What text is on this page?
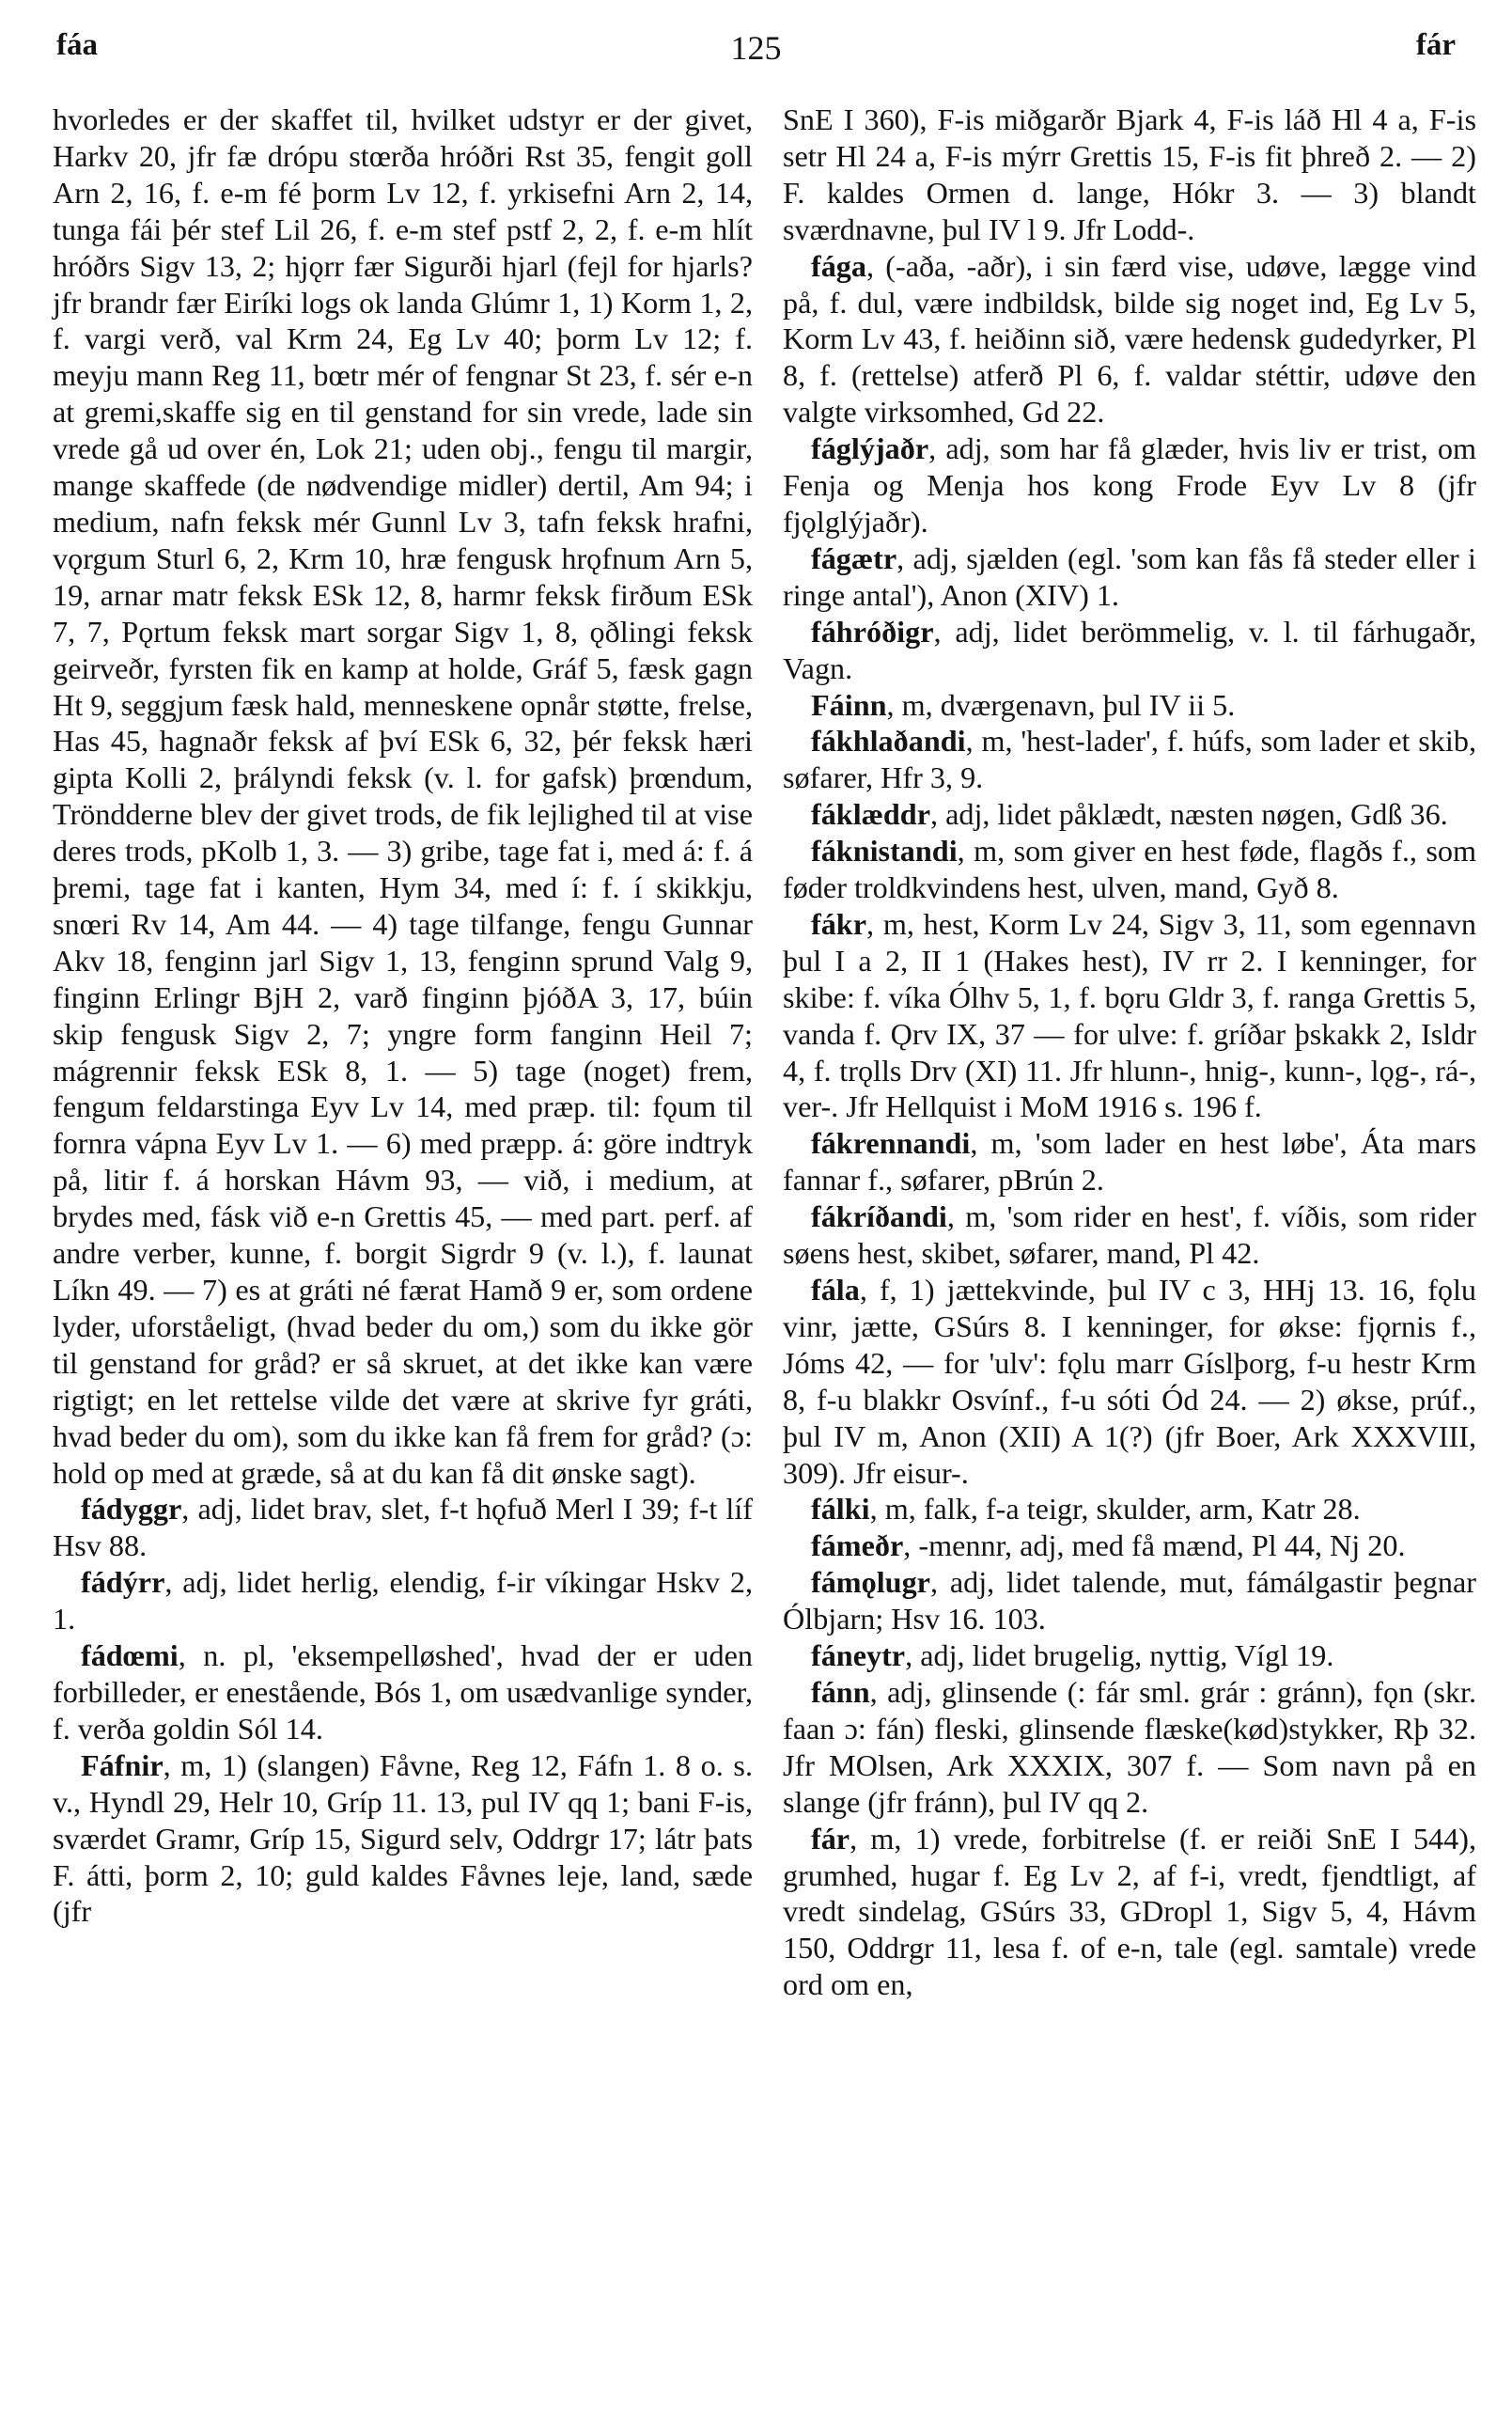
fáa	125	fár

hvorledes er der skaffet til, hvilket udstyr er der givet, Harkv 20, jfr fæ drópu stœrða hróðri Rst 35, fengit goll Arn 2, 16, f. e-m fé þorm Lv 12, f. yrkisefni Arn 2, 14, tunga fái þér stef Lil 26, f. e-m stef pstf 2, 2, f. e-m hlít hróðrs Sigv 13, 2; hjǫrr fær Sigurði hjarl (fejl for hjarls? jfr brandr fær Eiríki logs ok landa Glúmr 1, 1) Korm 1, 2, f. vargi verð, val Krm 24, Eg Lv 40; þorm Lv 12; f. meyju mann Reg 11, bœtr mér of fengnar St 23, f. sér e-n at gremi,skaffe sig en til genstand for sin vrede, lade sin vrede gå ud over én, Lok 21; uden obj., fengu til margir, mange skaffede (de nødvendige midler) dertil, Am 94; i medium, nafn feksk mér Gunnl Lv 3, tafn feksk hrafni, vǫrgum Sturl 6, 2, Krm 10, hræ fengusk hrǫfnum Arn 5, 19, arnar matr feksk ESk 12, 8, harmr feksk firðum ESk 7, 7, Pǫrtum feksk mart sorgar Sigv 1, 8, ǫðlingi feksk geirveðr, fyrsten fik en kamp at holde, Gráf 5, fæsk gagn Ht 9, seggjum fæsk hald, menneskene opnår støtte, frelse, Has 45, hagnaðr feksk af því ESk 6, 32, þér feksk hæri gipta Kolli 2, þrályndi feksk (v. l. for gafsk) þrœndum, Tröndderne blev der givet trods, de fik lejlighed til at vise deres trods, pKolb 1, 3. — 3) gribe, tage fat i, med á: f. á þremi, tage fat i kanten, Hym 34, med í: f. í skikkju, snœri Rv 14, Am 44. — 4) tage tilfange, fengu Gunnar Akv 18, fenginn jarl Sigv 1, 13, fenginn sprund Valg 9, finginn Erlingr BjH 2, varð finginn þjóðA 3, 17, búin skip fengusk Sigv 2, 7; yngre form fanginn Heil 7; mágrennir feksk ESk 8, 1. — 5) tage (noget) frem, fengum feldarstinga Eyv Lv 14, med præp. til: fǫum til fornra vápna Eyv Lv 1. — 6) med præpp. á: göre indtryk på, litir f. á horskan Hávm 93, — við, i medium, at brydes med, fásk við e-n Grettis 45, — med part. perf. af andre verber, kunne, f. borgit Sigrdr 9 (v. l.), f. launat Líkn 49. — 7) es at gráti né færat Hamð 9 er, som ordene lyder, uforståeligt, (hvad beder du om,) som du ikke gör til genstand for gråd? er så skruet, at det ikke kan være rigtigt; en let rettelse vilde det være at skrive fyr gráti, hvad beder du om), som du ikke kan få frem for gråd? (ɔ: hold op med at græde, så at du kan få dit ønske sagt).

fádyggr, adj, lidet brav, slet, f-t hǫfuð Merl I 39; f-t líf Hsv 88.

fádýrr, adj, lidet herlig, elendig, f-ir víkingar Hskv 2, 1.

fádœmi, n. pl, 'eksempelløshed', hvad der er uden forbilleder, er enestående, Bós 1, om usædvanlige synder, f. verða goldin Sól 14.

Fáfnir, m, 1) (slangen) Fåvne, Reg 12, Fáfn 1. 8 o. s. v., Hyndl 29, Helr 10, Gríp 11. 13, pul IV qq 1; bani F-is, sværdet Gramr, Gríp 15, Sigurd selv, Oddrgr 17; látr þats F. átti, þorm 2, 10; guld kaldes Fåvnes leje, land, sæde (jfr

SnE I 360), F-is miðgarðr Bjark 4, F-is láð Hl 4 a, F-is setr Hl 24 a, F-is mýrr Grettis 15, F-is fit þhreð 2. — 2) F. kaldes Ormen d. lange, Hókr 3. — 3) blandt sværdnavne, þul IV l 9. Jfr Lodd-.

fága, (-aða, -aðr), i sin færd vise, udøve, lægge vind på, f. dul, være indbildsk, bilde sig noget ind, Eg Lv 5, Korm Lv 43, f. heiðinn sið, være hedensk gudedyrker, Pl 8, f. (rettelse) atferð Pl 6, f. valdar stéttir, udøve den valgte virksomhed, Gd 22.

fáglýjaðr, adj, som har få glæder, hvis liv er trist, om Fenja og Menja hos kong Frode Eyv Lv 8 (jfr fjǫlglýjaðr).

fágætr, adj, sjælden (egl. 'som kan fås få steder eller i ringe antal'), Anon (XIV) 1.

fáhróðigr, adj, lidet berömmelig, v. l. til fárhugaðr, Vagn.

Fáinn, m, dværgenavn, þul IV ii 5.

fákhlaðandi, m, 'hest-lader', f. húfs, som lader et skib, søfarer, Hfr 3, 9.

fáklæddr, adj, lidet påklædt, næsten nøgen, Gdß 36.

fáknistandi, m, som giver en hest føde, flagðs f., som føder troldkvindens hest, ulven, mand, Gyð 8.

fákr, m, hest, Korm Lv 24, Sigv 3, 11, som egennavn þul I a 2, II 1 (Hakes hest), IV rr 2. I kenninger, for skibe: f. víka Ólhv 5, 1, f. bǫru Gldr 3, f. ranga Grettis 5, vanda f. Ǫrv IX, 37 — for ulve: f. gríðar þskakk 2, Isldr 4, f. trǫlls Drv (XI) 11. Jfr hlunn-, hnig-, kunn-, lǫg-, rá-, ver-. Jfr Hellquist i MoM 1916 s. 196 f.

fákrennandi, m, 'som lader en hest løbe', Áta mars fannar f., søfarer, pBrún 2.

fákríðandi, m, 'som rider en hest', f. víðis, som rider søens hest, skibet, søfarer, mand, Pl 42.

fála, f, 1) jættekvinde, þul IV c 3, HHj 13. 16, fǫlu vinr, jætte, GSúrs 8. I kenninger, for økse: fjǫrnis f., Jóms 42, — for 'ulv': fǫlu marr Gíslþorg, f-u hestr Krm 8, f-u blakkr Osvínf., f-u sóti Ód 24. — 2) økse, prúf., þul IV m, Anon (XII) A 1(?) (jfr Boer, Ark XXXVIII, 309). Jfr eisur-.

fálki, m, falk, f-a teigr, skulder, arm, Katr 28.

fámeðr, -mennr, adj, med få mænd, Pl 44, Nj 20.

fámǫlugr, adj, lidet talende, mut, fámálgastir þegnar Ólbjarn; Hsv 16. 103.

fáneytr, adj, lidet brugelig, nyttig, Vígl 19.

fánn, adj, glinsende (: fár sml. grár : gránn), fǫn (skr. faan ɔ: fán) fleski, glinsende flæske(kød)stykker, Rþ 32. Jfr MOlsen, Ark XXXIX, 307 f. — Som navn på en slange (jfr fránn), þul IV qq 2.

fár, m, 1) vrede, forbitrelse (f. er reiði SnE I 544), grumhed, hugar f. Eg Lv 2, af f-i, vredt, fjendtligt, af vredt sindelag, GSúrs 33, GDropl 1, Sigv 5, 4, Hávm 150, Oddrgr 11, lesa f. of e-n, tale (egl. samtale) vrede ord om en,
